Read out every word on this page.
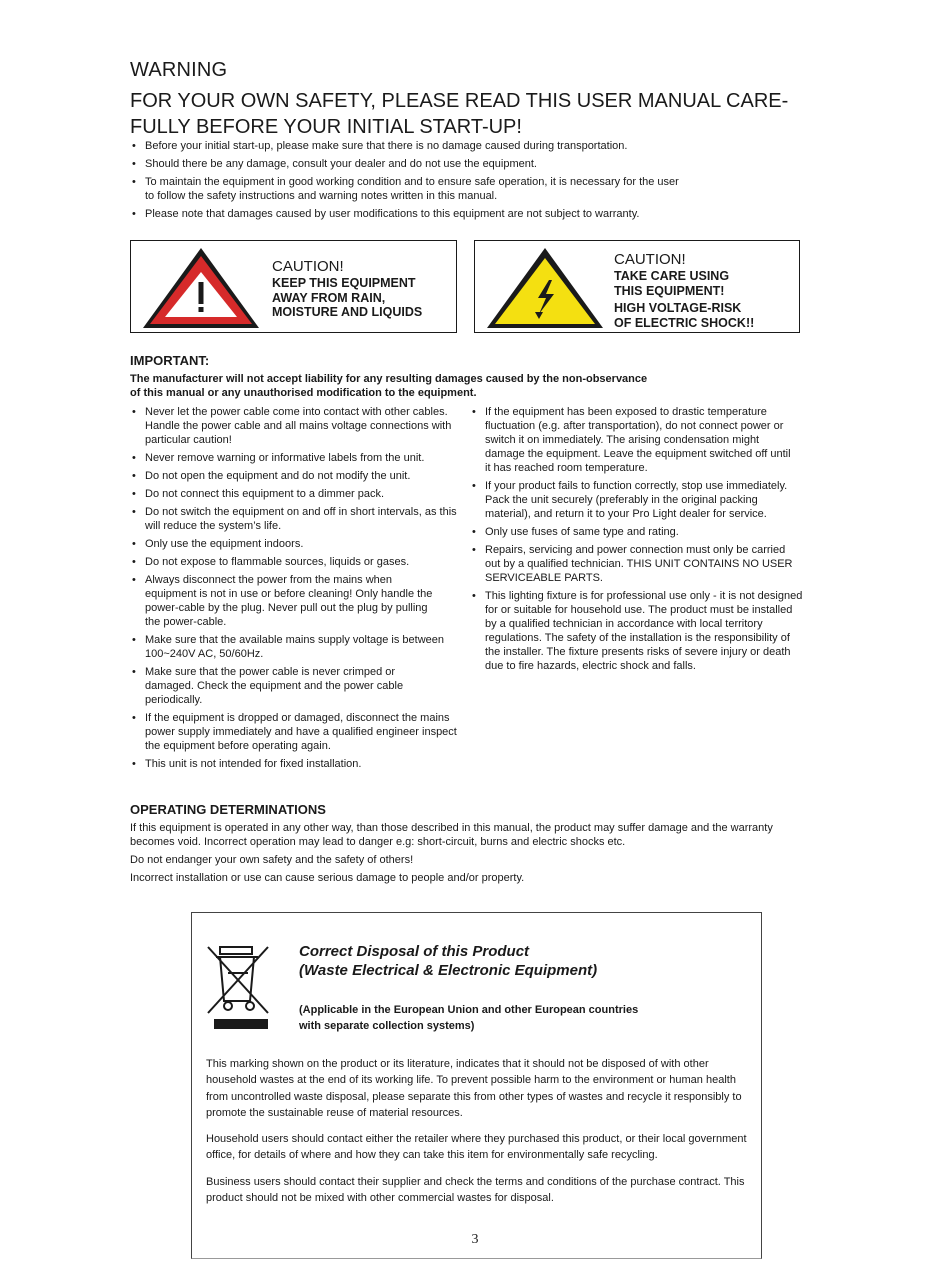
WARNING
FOR YOUR OWN SAFETY, PLEASE READ THIS USER MANUAL CARE-
FULLY BEFORE YOUR INITIAL START-UP!
• Before your initial start-up, please make sure that there is no damage caused during transportation.
• Should there be any damage, consult your dealer and do not use the equipment.
• To maintain the equipment in good working condition and to ensure safe operation, it is necessary for the user to follow the safety instructions and warning notes written in this manual.
• Please note that damages caused by user modifications to this equipment are not subject to warranty.
CAUTION!
KEEP THIS EQUIPMENT
AWAY FROM RAIN,
MOISTURE AND LIQUIDS
CAUTION!
TAKE CARE USING
THIS EQUIPMENT!
HIGH VOLTAGE-RISK
OF ELECTRIC SHOCK!!
IMPORTANT:

The manufacturer will not accept liability for any resulting damages caused by the non-observance
of this manual or any unauthorised modification to the equipment.

• Never let the power cable come into contact with other cables. Handle the power cable and all mains voltage connections with particular caution!
• Never remove warning or informative labels from the unit.
• Do not open the equipment and do not modify the unit.
• Do not connect this equipment to a dimmer pack.
• Do not switch the equipment on and off in short intervals, as this will reduce the system’s life.
• Only use the equipment indoors.
• Do not expose to flammable sources, liquids or gases.
• Always disconnect the power from the mains when equipment is not in use or before cleaning! Only handle the power-cable by the plug. Never pull out the plug by pulling the power-cable.
• Make sure that the available mains supply voltage is between 100~240V AC, 50/60Hz.
• Make sure that the power cable is never crimped or damaged. Check the equipment and the power cable periodically.
• If the equipment is dropped or damaged, disconnect the mains power supply immediately and have a qualified engineer inspect the equipment before operating again.
• This unit is not intended for fixed installation.
• If the equipment has been exposed to drastic temperature fluctuation (e.g. after transportation), do not connect power or switch it on immediately. The arising condensation might damage the equipment. Leave the equipment switched off until it has reached room temperature.
• If your product fails to function correctly, stop use immediately. Pack the unit securely (preferably in the original packing material), and return it to your Pro Light dealer for service.
• Only use fuses of same type and rating.
• Repairs, servicing and power connection must only be carried out by a qualified technician. THIS UNIT CONTAINS NO USER SERVICEABLE PARTS.
• This lighting fixture is for professional use only - it is not designed for or suitable for household use. The product must be installed by a qualified technician in accordance with local territory regulations. The safety of the installation is the responsibility of the installer. The fixture presents risks of severe injury or death due to fire hazards, electric shock and falls.
OPERATING DETERMINATIONS

If this equipment is operated in any other way, than those described in this manual, the product may suffer damage and the warranty becomes void. Incorrect operation may lead to danger e.g: short-circuit, burns and electric shocks etc.

Do not endanger your own safety and the safety of others!

Incorrect installation or use can cause serious damage to people and/or property.

Correct Disposal of this Product
(Waste Electrical & Electronic Equipment)

(Applicable in the European Union and other European countries
with separate collection systems)

This marking shown on the product or its literature, indicates that it should not be disposed of with other household wastes at the end of its working life. To prevent possible harm to the environment or human health from uncontrolled waste disposal, please separate this from other types of wastes and recycle it responsibly to promote the sustainable reuse of material resources.

Household users should contact either the retailer where they purchased this product, or their local government office, for details of where and how they can take this item for environmentally safe recycling.

Business users should contact their supplier and check the terms and conditions of the purchase contract. This product should not be mixed with other commercial wastes for disposal.

3
